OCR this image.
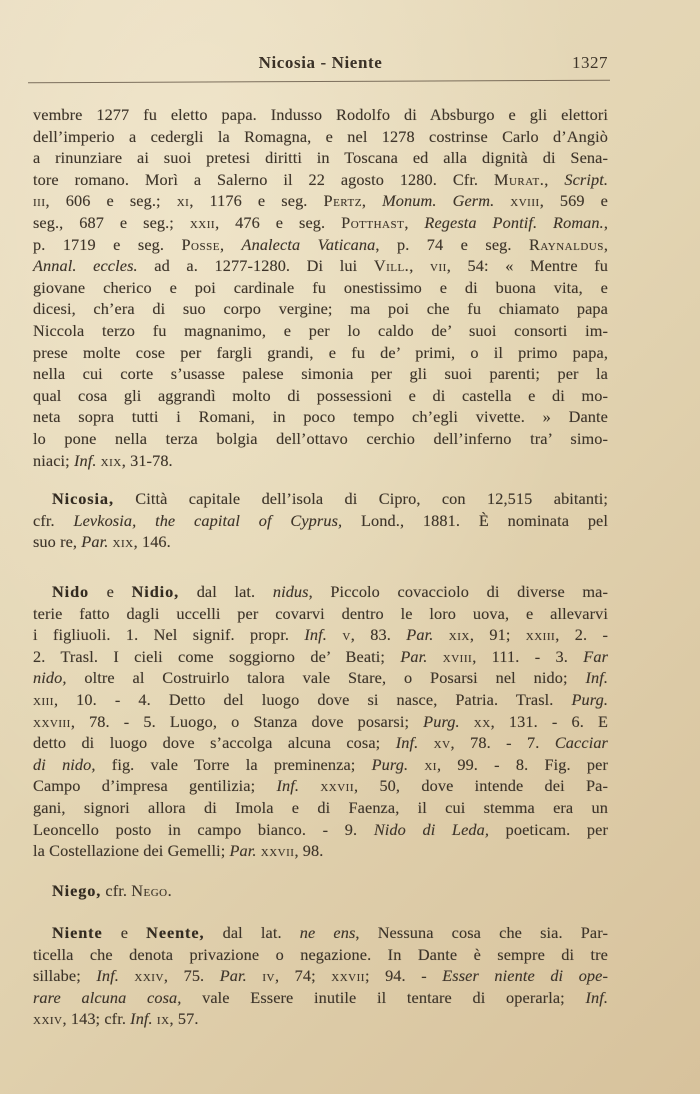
Nicosia - Niente	1327
vembre 1277 fu eletto papa. Indusso Rodolfo di Absburgo e gli elettori
dell’imperio a cedergli la Romagna, e nel 1278 costrinse Carlo d’Angiò
a rinunziare ai suoi pretesi diritti in Toscana ed alla dignità di Sena-
tore romano. Morì a Salerno il 22 agosto 1280. Cfr. Murat., Script.
iii, 606 e seg.; xi, 1176 e seg. Pertz, Monum. Germ. xviii, 569 e
seg., 687 e seg.; xxii, 476 e seg. Potthast, Regesta Pontif. Roman.,
p. 1719 e seg. Posse, Analecta Vaticana, p. 74 e seg. Raynaldus,
Annal. eccles. ad a. 1277-1280. Di lui Vill., vii, 54: « Mentre fu
giovane cherico e poi cardinale fu onestissimo e di buona vita, e
dicesi, ch’era di suo corpo vergine; ma poi che fu chiamato papa
Niccola terzo fu magnanimo, e per lo caldo de’ suoi consorti im-
prese molte cose per fargli grandi, e fu de’ primi, o il primo papa,
nella cui corte s’usasse palese simonia per gli suoi parenti; per la
qual cosa gli aggrandì molto di possessioni e di castella e di mo-
neta sopra tutti i Romani, in poco tempo ch’egli vivette. » Dante
lo pone nella terza bolgia dell’ottavo cerchio dell’inferno tra’ simo-
niaci; Inf. xix, 31-78.
Nicosia, Città capitale dell’isola di Cipro, con 12,515 abitanti;
cfr. Levkosia, the capital of Cyprus, Lond., 1881. È nominata pel
suo re, Par. xix, 146.
Nido e Nidio, dal lat. nidus, Piccolo covacciolo di diverse ma-
terie fatto dagli uccelli per covarvi dentro le loro uova, e allevarvi
i figliuoli. 1. Nel signif. propr. Inf. v, 83. Par. xix, 91; xxiii, 2. -
2. Trasl. I cieli come soggiorno de’ Beati; Par. xviii, 111. - 3. Far
nido, oltre al Costruirlo talora vale Stare, o Posarsi nel nido; Inf.
xiii, 10. - 4. Detto del luogo dove si nasce, Patria. Trasl. Purg.
xxviii, 78. - 5. Luogo, o Stanza dove posarsi; Purg. xx, 131. - 6. E
detto di luogo dove s’accolga alcuna cosa; Inf. xv, 78. - 7. Cacciar
di nido, fig. vale Torre la preminenza; Purg. xi, 99. - 8. Fig. per
Campo d’impresa gentilizia; Inf. xxvii, 50, dove intende dei Pa-
gani, signori allora di Imola e di Faenza, il cui stemma era un
Leoncello posto in campo bianco. - 9. Nido di Leda, poeticam. per
la Costellazione dei Gemelli; Par. xxvii, 98.
Niego, cfr. Nego.
Niente e Neente, dal lat. ne ens, Nessuna cosa che sia. Par-
ticella che denota privazione o negazione. In Dante è sempre di tre
sillabe; Inf. xxiv, 75. Par. iv, 74; xxvii; 94. - Esser niente di ope-
rare alcuna cosa, vale Essere inutile il tentare di operarla; Inf.
xxiv, 143; cfr. Inf. ix, 57.
